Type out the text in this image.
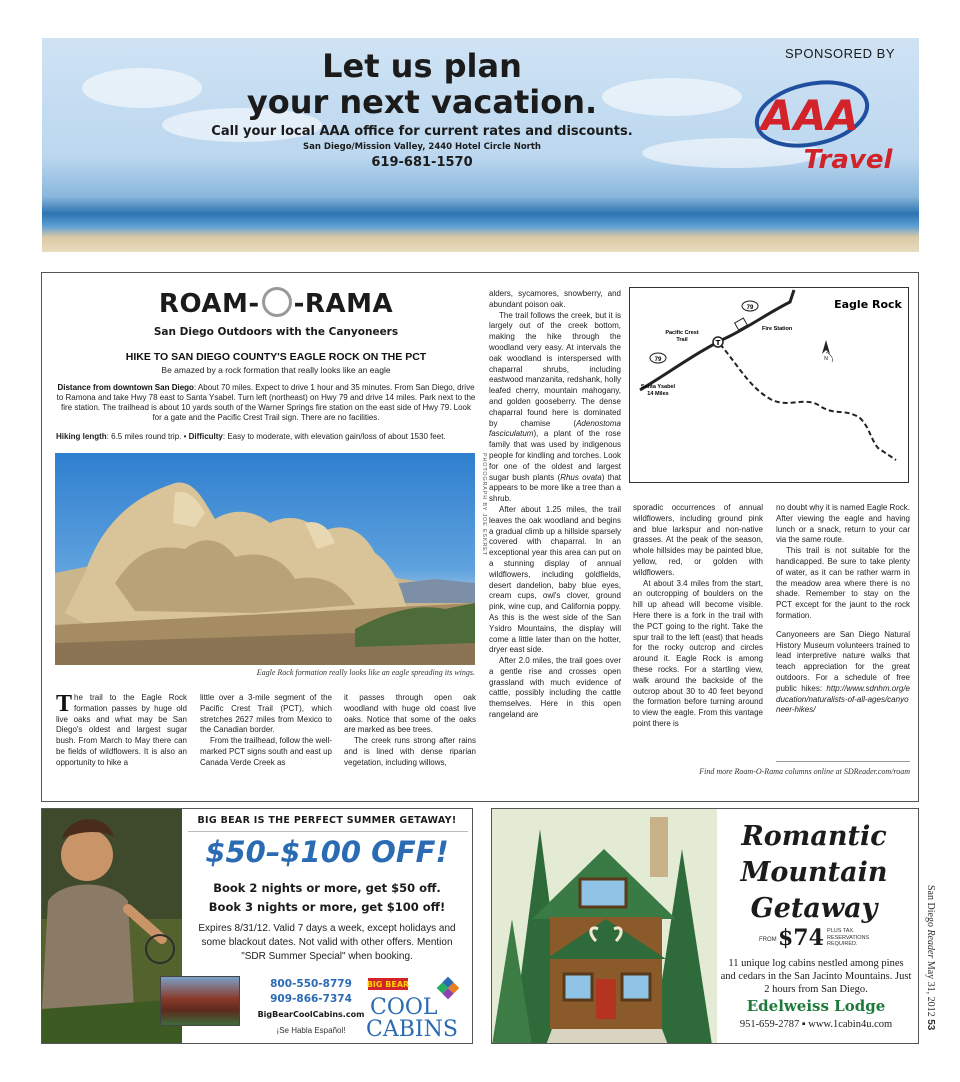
Let us plan
your next vacation.
Call your local AAA office for current rates and discounts.
San Diego/Mission Valley, 2440 Hotel Circle North
619-681-1570
SPONSORED BY
AAA
Travel
ROAM- -RAMA
San Diego Outdoors with the Canyoneers
HIKE TO SAN DIEGO COUNTY'S EAGLE ROCK ON THE PCT
Be amazed by a rock formation that really looks like an eagle
Distance from downtown San Diego: About 70 miles. Expect to drive 1 hour and 35 minutes. From San Diego, drive to Ramona and take Hwy 78 east to Santa Ysabel. Turn left (northeast) on Hwy 79 and drive 14 miles. Park next to the fire station. The trailhead is about 10 yards south of the Warner Springs fire station on the east side of Hwy 79. Look for a gate and the Pacific Crest Trail sign. There are no facilities.
Hiking length: 6.5 miles round trip. • Difficulty: Easy to moderate, with elevation gain/loss of about 1530 feet.
PHOTOGRAPH BY JOE ESKRET
Eagle Rock formation really looks like an eagle spreading its wings.

The trail to the Eagle Rock formation passes by huge old live oaks and what may be San Diego's oldest and largest sugar bush. From March to May there can be fields of wildflowers. It is also an opportunity to hike a

little over a 3-mile segment of the Pacific Crest Trail (PCT), which stretches 2627 miles from Mexico to the Canadian border.

From the trailhead, follow the well-marked PCT signs south and east up Canada Verde Creek as

it passes through open oak woodland with huge old coast live oaks. Notice that some of the oaks are marked as bee trees.

The creek runs strong after rains and is lined with dense riparian vegetation, including willows,

alders, sycamores, snowberry, and abundant poison oak.

The trail follows the creek, but it is largely out of the creek bottom, making the hike through the woodland very easy. At intervals the oak woodland is interspersed with chaparral shrubs, including eastwood manzanita, redshank, holly leafed cherry, mountain mahogany, and golden gooseberry. The dense chaparral found here is dominated by chamise (Adenostoma fasciculatum), a plant of the rose family that was used by indigenous people for kindling and torches. Look for one of the oldest and largest sugar bush plants (Rhus ovata) that appears to be more like a tree than a shrub.

After about 1.25 miles, the trail leaves the oak woodland and begins a gradual climb up a hillside sparsely covered with chaparral. In an exceptional year this area can put on a stunning display of annual wildflowers, including goldfields, desert dandelion, baby blue eyes, cream cups, owl's clover, ground pink, wine cup, and California poppy. As this is the west side of the San Ysidro Mountains, the display will come a little later than on the hotter, dryer east side.

After 2.0 miles, the trail goes over a gentle rise and crosses open grassland with much evidence of cattle, possibly including the cattle themselves. Here in this open rangeland are

sporadic occurrences of annual wildflowers, including ground pink and blue larkspur and non-native grasses. At the peak of the season, whole hillsides may be painted blue, yellow, red, or golden with wildflowers.

At about 3.4 miles from the start, an outcropping of boulders on the hill up ahead will become visible. Here there is a fork in the trail with the PCT going to the right. Take the spur trail to the left (east) that heads for the rocky outcrop and circles around it. Eagle Rock is among these rocks. For a startling view, walk around the backside of the outcrop about 30 to 40 feet beyond the formation before turning around to view the eagle. From this vantage point there is

no doubt why it is named Eagle Rock. After viewing the eagle and having lunch or a snack, return to your car via the same route.

This trail is not suitable for the handicapped. Be sure to take plenty of water, as it can be rather warm in the meadow area where there is no shade. Remember to stay on the PCT except for the jaunt to the rock formation.

Canyoneers are San Diego Natural History Museum volunteers trained to lead interpretive nature walks that teach appreciation for the great outdoors. For a schedule of free public hikes: http://www.sdnhm.org/education/naturalists-of-all-ages/canyoneer-hikes/

T
79
79
Pacific Crest
Trail
Fire Station
Santa Ysabel
14 Miles
Eagle Rock
N
Find more Roam-O-Rama columns online at SDReader.com/roam
BIG BEAR IS THE PERFECT SUMMER GETAWAY!
$50–$100 OFF!
Book 2 nights or more, get $50 off.
Book 3 nights or more, get $100 off!
Expires 8/31/12. Valid 7 days a week, except holidays and some blackout dates. Not valid with other offers. Mention "SDR Summer Special" when booking.
800-550-8779
909-866-7374
BigBearCoolCabins.com
¡Se Habla Español!
BIG BEAR
COOL
CABINS
Romantic
Mountain
Getaway
FROM $74 PLUS TAX. RESERVATIONS REQUIRED.
11 unique log cabins nestled among pines and cedars in the San Jacinto Mountains. Just 2 hours from San Diego.
Edelweiss Lodge
951-659-2787 ▪ www.1cabin4u.com
San Diego Reader May 31, 2012 53
